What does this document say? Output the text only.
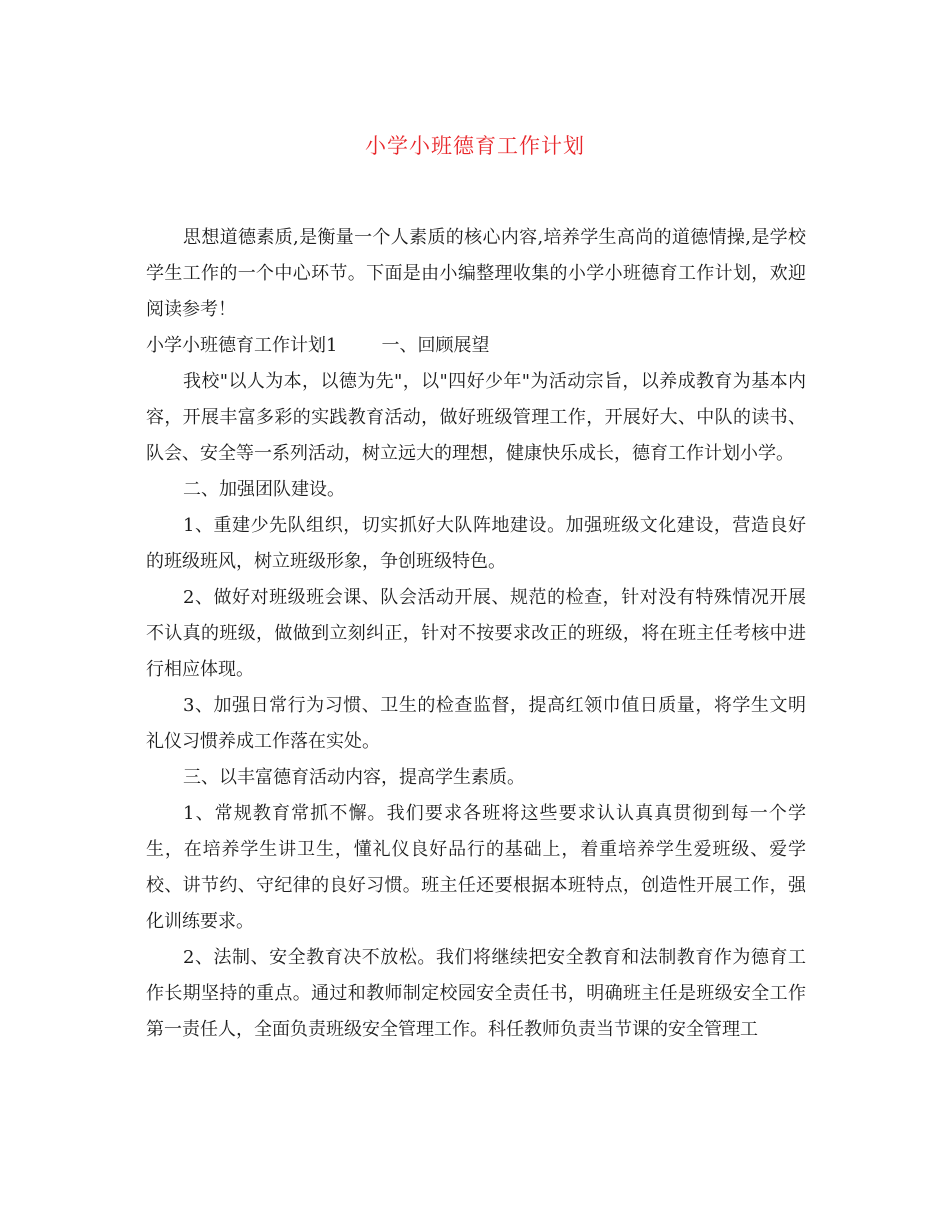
小学小班德育工作计划

思想道德素质,是衡量一个人素质的核心内容,培养学生高尚的道德情操,是学校学生工作的一个中心环节。下面是由小编整理收集的小学小班德育工作计划，欢迎阅读参考！

小学小班德育工作计划1 一、回顾展望

我校"以人为本，以德为先"，以"四好少年"为活动宗旨，以养成教育为基本内容，开展丰富多彩的实践教育活动，做好班级管理工作，开展好大、中队的读书、队会、安全等一系列活动，树立远大的理想，健康快乐成长，德育工作计划小学。

二、加强团队建设。

1、重建少先队组织，切实抓好大队阵地建设。加强班级文化建设，营造良好的班级班风，树立班级形象，争创班级特色。

2、做好对班级班会课、队会活动开展、规范的检查，针对没有特殊情况开展不认真的班级，做做到立刻纠正，针对不按要求改正的班级，将在班主任考核中进行相应体现。

3、加强日常行为习惯、卫生的检查监督，提高红领巾值日质量，将学生文明礼仪习惯养成工作落在实处。

三、以丰富德育活动内容，提高学生素质。

1、常规教育常抓不懈。我们要求各班将这些要求认认真真贯彻到每一个学生，在培养学生讲卫生，懂礼仪良好品行的基础上，着重培养学生爱班级、爱学校、讲节约、守纪律的良好习惯。班主任还要根据本班特点，创造性开展工作，强化训练要求。

2、法制、安全教育决不放松。我们将继续把安全教育和法制教育作为德育工作长期坚持的重点。通过和教师制定校园安全责任书，明确班主任是班级安全工作第一责任人，全面负责班级安全管理工作。科任教师负责当节课的安全管理工
